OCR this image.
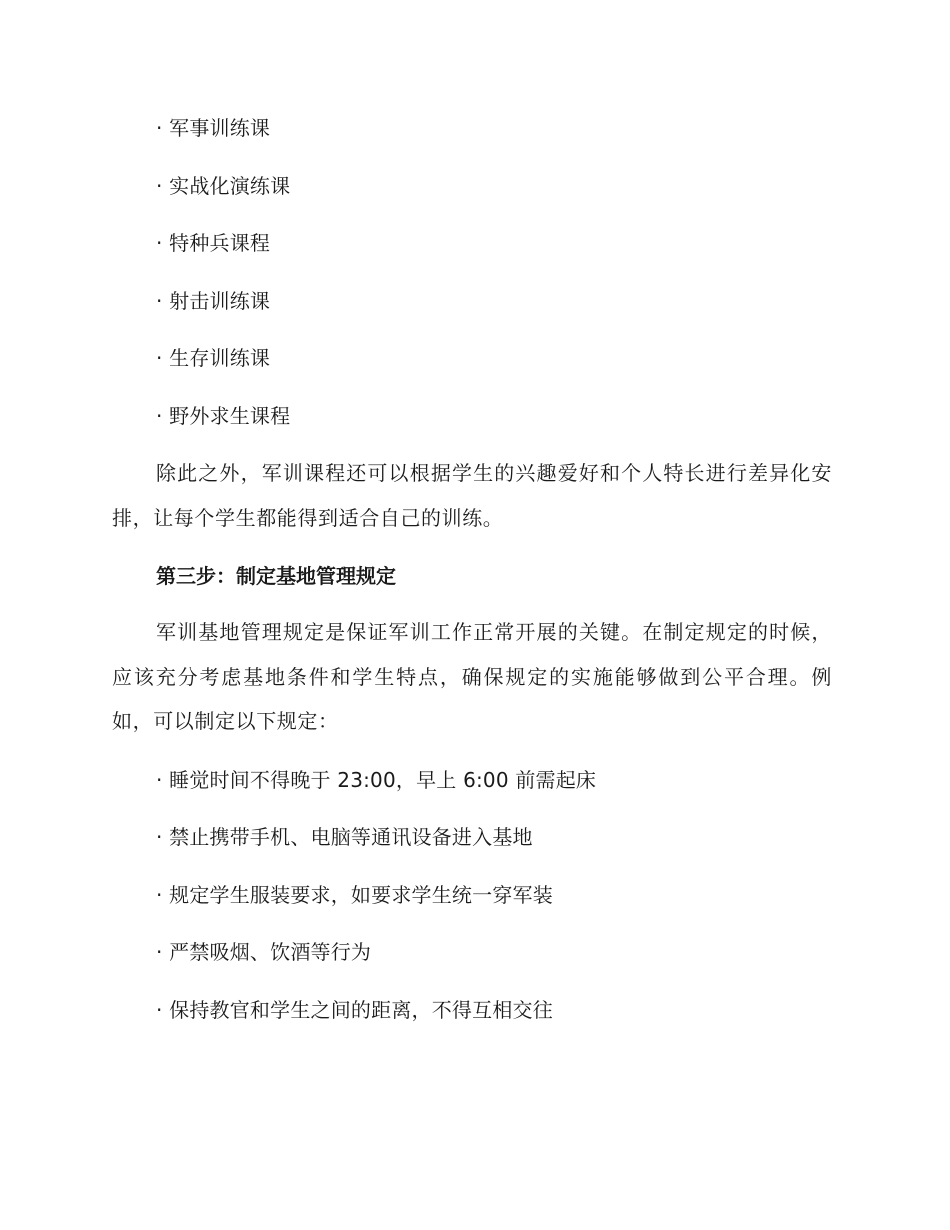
· 军事训练课
· 实战化演练课
· 特种兵课程
· 射击训练课
· 生存训练课
· 野外求生课程

除此之外，军训课程还可以根据学生的兴趣爱好和个人特长进行差异化安排，让每个学生都能得到适合自己的训练。

第三步：制定基地管理规定

军训基地管理规定是保证军训工作正常开展的关键。在制定规定的时候，应该充分考虑基地条件和学生特点，确保规定的实施能够做到公平合理。例如，可以制定以下规定：

· 睡觉时间不得晚于 23:00，早上 6:00 前需起床
· 禁止携带手机、电脑等通讯设备进入基地
· 规定学生服装要求，如要求学生统一穿军装
· 严禁吸烟、饮酒等行为
· 保持教官和学生之间的距离，不得互相交往
